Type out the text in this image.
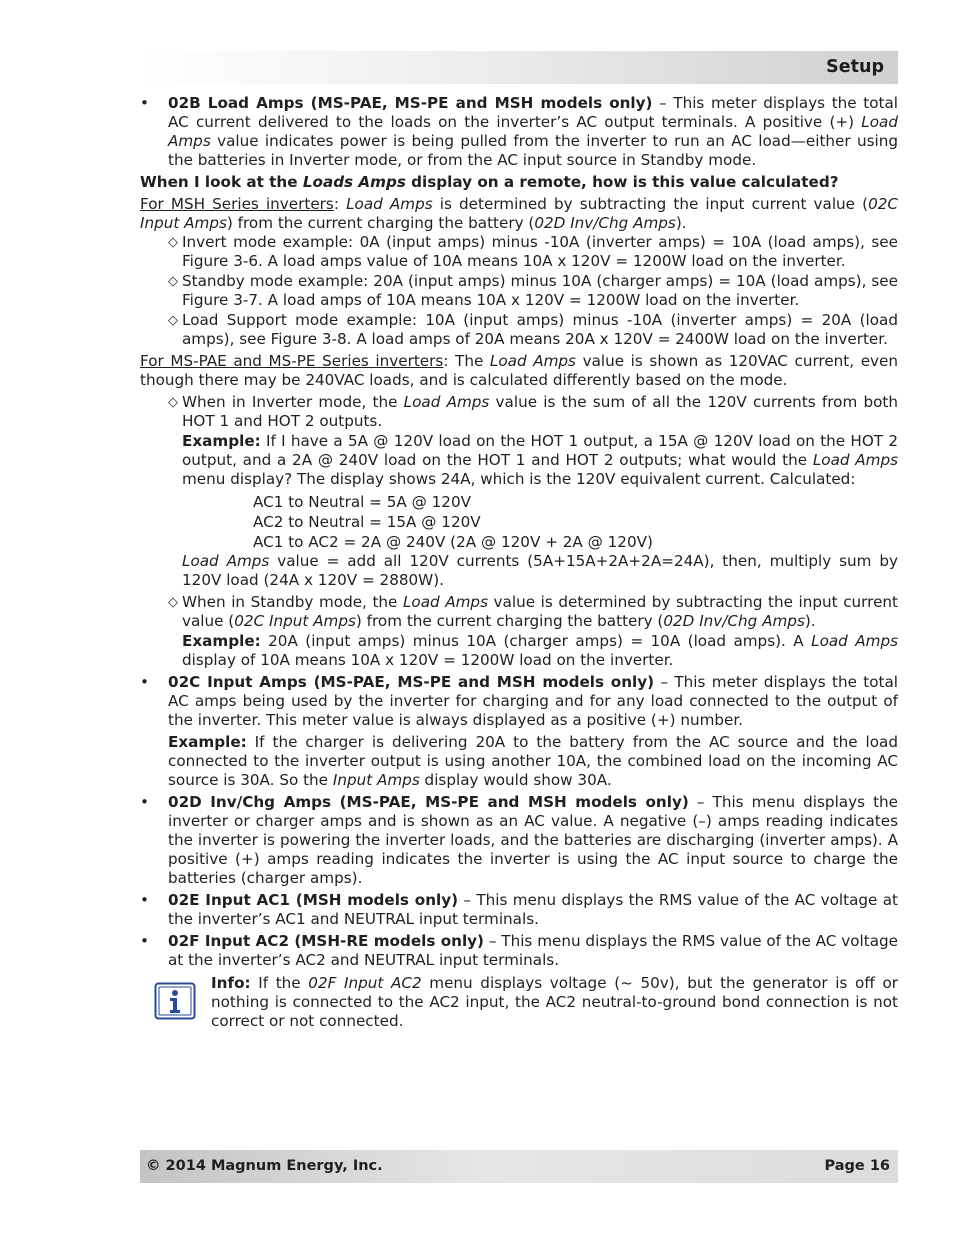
Setup

• 02B Load Amps (MS-PAE, MS-PE and MSH models only) – This meter displays the total AC current delivered to the loads on the inverter’s AC output terminals. A positive (+) Load Amps value indicates power is being pulled from the inverter to run an AC load—either using the batteries in Inverter mode, or from the AC input source in Standby mode.

When I look at the Loads Amps display on a remote, how is this value calculated?

For MSH Series inverters: Load Amps is determined by subtracting the input current value (02C Input Amps) from the current charging the battery (02D Inv/Chg Amps).

◇ Invert mode example: 0A (input amps) minus -10A (inverter amps) = 10A (load amps), see Figure 3-6. A load amps value of 10A means 10A x 120V = 1200W load on the inverter.

◇ Standby mode example: 20A (input amps) minus 10A (charger amps) = 10A (load amps), see Figure 3-7. A load amps of 10A means 10A x 120V = 1200W load on the inverter.

◇ Load Support mode example: 10A (input amps) minus -10A (inverter amps) = 20A (load amps), see Figure 3-8. A load amps of 20A means 20A x 120V = 2400W load on the inverter.

For MS-PAE and MS-PE Series inverters: The Load Amps value is shown as 120VAC current, even though there may be 240VAC loads, and is calculated differently based on the mode.

◇ When in Inverter mode, the Load Amps value is the sum of all the 120V currents from both HOT 1 and HOT 2 outputs.

Example: If I have a 5A @ 120V load on the HOT 1 output, a 15A @ 120V load on the HOT 2 output, and a 2A @ 240V load on the HOT 1 and HOT 2 outputs; what would the Load Amps menu display? The display shows 24A, which is the 120V equivalent current. Calculated:

AC1 to Neutral = 5A @ 120V

AC2 to Neutral = 15A @ 120V

AC1 to AC2 = 2A @ 240V (2A @ 120V + 2A @ 120V)

Load Amps value = add all 120V currents (5A+15A+2A+2A=24A), then, multiply sum by 120V load (24A x 120V = 2880W).

◇ When in Standby mode, the Load Amps value is determined by subtracting the input current value (02C Input Amps) from the current charging the battery (02D Inv/Chg Amps).

Example: 20A (input amps) minus 10A (charger amps) = 10A (load amps). A Load Amps display of 10A means 10A x 120V = 1200W load on the inverter.

• 02C Input Amps (MS-PAE, MS-PE and MSH models only) – This meter displays the total AC amps being used by the inverter for charging and for any load connected to the output of the inverter. This meter value is always displayed as a positive (+) number.

Example: If the charger is delivering 20A to the battery from the AC source and the load connected to the inverter output is using another 10A, the combined load on the incoming AC source is 30A. So the Input Amps display would show 30A.

• 02D Inv/Chg Amps (MS-PAE, MS-PE and MSH models only) – This menu displays the inverter or charger amps and is shown as an AC value. A negative (–) amps reading indicates the inverter is powering the inverter loads, and the batteries are discharging (inverter amps). A positive (+) amps reading indicates the inverter is using the AC input source to charge the batteries (charger amps).

• 02E Input AC1 (MSH models only) – This menu displays the RMS value of the AC voltage at the inverter’s AC1 and NEUTRAL input terminals.

• 02F Input AC2 (MSH-RE models only) – This menu displays the RMS value of the AC voltage at the inverter’s AC2 and NEUTRAL input terminals.

Info: If the 02F Input AC2 menu displays voltage (~ 50v), but the generator is off or nothing is connected to the AC2 input, the AC2 neutral-to-ground bond connection is not correct or not connected.

© 2014 Magnum Energy, Inc.	Page 16
